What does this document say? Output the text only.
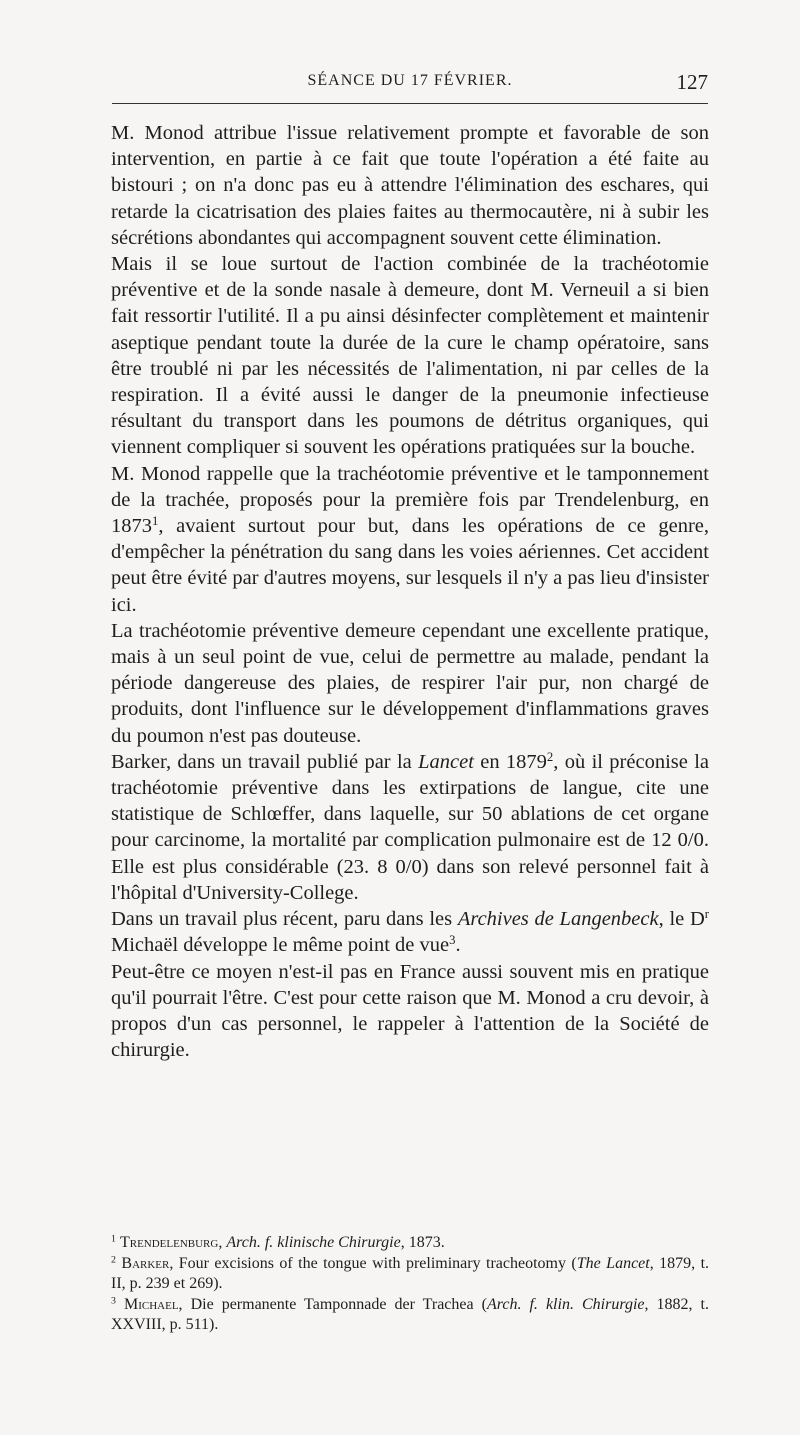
SÉANCE DU 17 FÉVRIER.	127

M. Monod attribue l'issue relativement prompte et favorable de son intervention, en partie à ce fait que toute l'opération a été faite au bistouri ; on n'a donc pas eu à attendre l'élimination des eschares, qui retarde la cicatrisation des plaies faites au thermocautère, ni à subir les sécrétions abondantes qui accompagnent souvent cette élimination.

Mais il se loue surtout de l'action combinée de la trachéotomie préventive et de la sonde nasale à demeure, dont M. Verneuil a si bien fait ressortir l'utilité. Il a pu ainsi désinfecter complètement et maintenir aseptique pendant toute la durée de la cure le champ opératoire, sans être troublé ni par les nécessités de l'alimentation, ni par celles de la respiration. Il a évité aussi le danger de la pneumonie infectieuse résultant du transport dans les poumons de détritus organiques, qui viennent compliquer si souvent les opérations pratiquées sur la bouche.

M. Monod rappelle que la trachéotomie préventive et le tamponnement de la trachée, proposés pour la première fois par Trendelenburg, en 1873$^1$, avaient surtout pour but, dans les opérations de ce genre, d'empêcher la pénétration du sang dans les voies aériennes. Cet accident peut être évité par d'autres moyens, sur lesquels il n'y a pas lieu d'insister ici.

La trachéotomie préventive demeure cependant une excellente pratique, mais à un seul point de vue, celui de permettre au malade, pendant la période dangereuse des plaies, de respirer l'air pur, non chargé de produits, dont l'influence sur le développement d'inflammations graves du poumon n'est pas douteuse.

Barker, dans un travail publié par la Lancet en 1879$^2$, où il préconise la trachéotomie préventive dans les extirpations de langue, cite une statistique de Schlœffer, dans laquelle, sur 50 ablations de cet organe pour carcinome, la mortalité par complication pulmonaire est de 12 0/0. Elle est plus considérable (23. 8 0/0) dans son relevé personnel fait à l'hôpital d'University-College.

Dans un travail plus récent, paru dans les Archives de Langenbeck, le $D^r$ Michaël développe le même point de vue$^3$.

Peut-être ce moyen n'est-il pas en France aussi souvent mis en pratique qu'il pourrait l'être. C'est pour cette raison que M. Monod a cru devoir, à propos d'un cas personnel, le rappeler à l'attention de la Société de chirurgie.

$^1$ Trendelenburg, Arch. f. klinische Chirurgie, 1873.

$^2$ Barker, Four excisions of the tongue with preliminary tracheotomy (The Lancet, 1879, t. II, p. 239 et 269).

$^3$ Michael, Die permanente Tamponnade der Trachea (Arch. f. klin. Chirurgie, 1882, t. XXVIII, p. 511).
